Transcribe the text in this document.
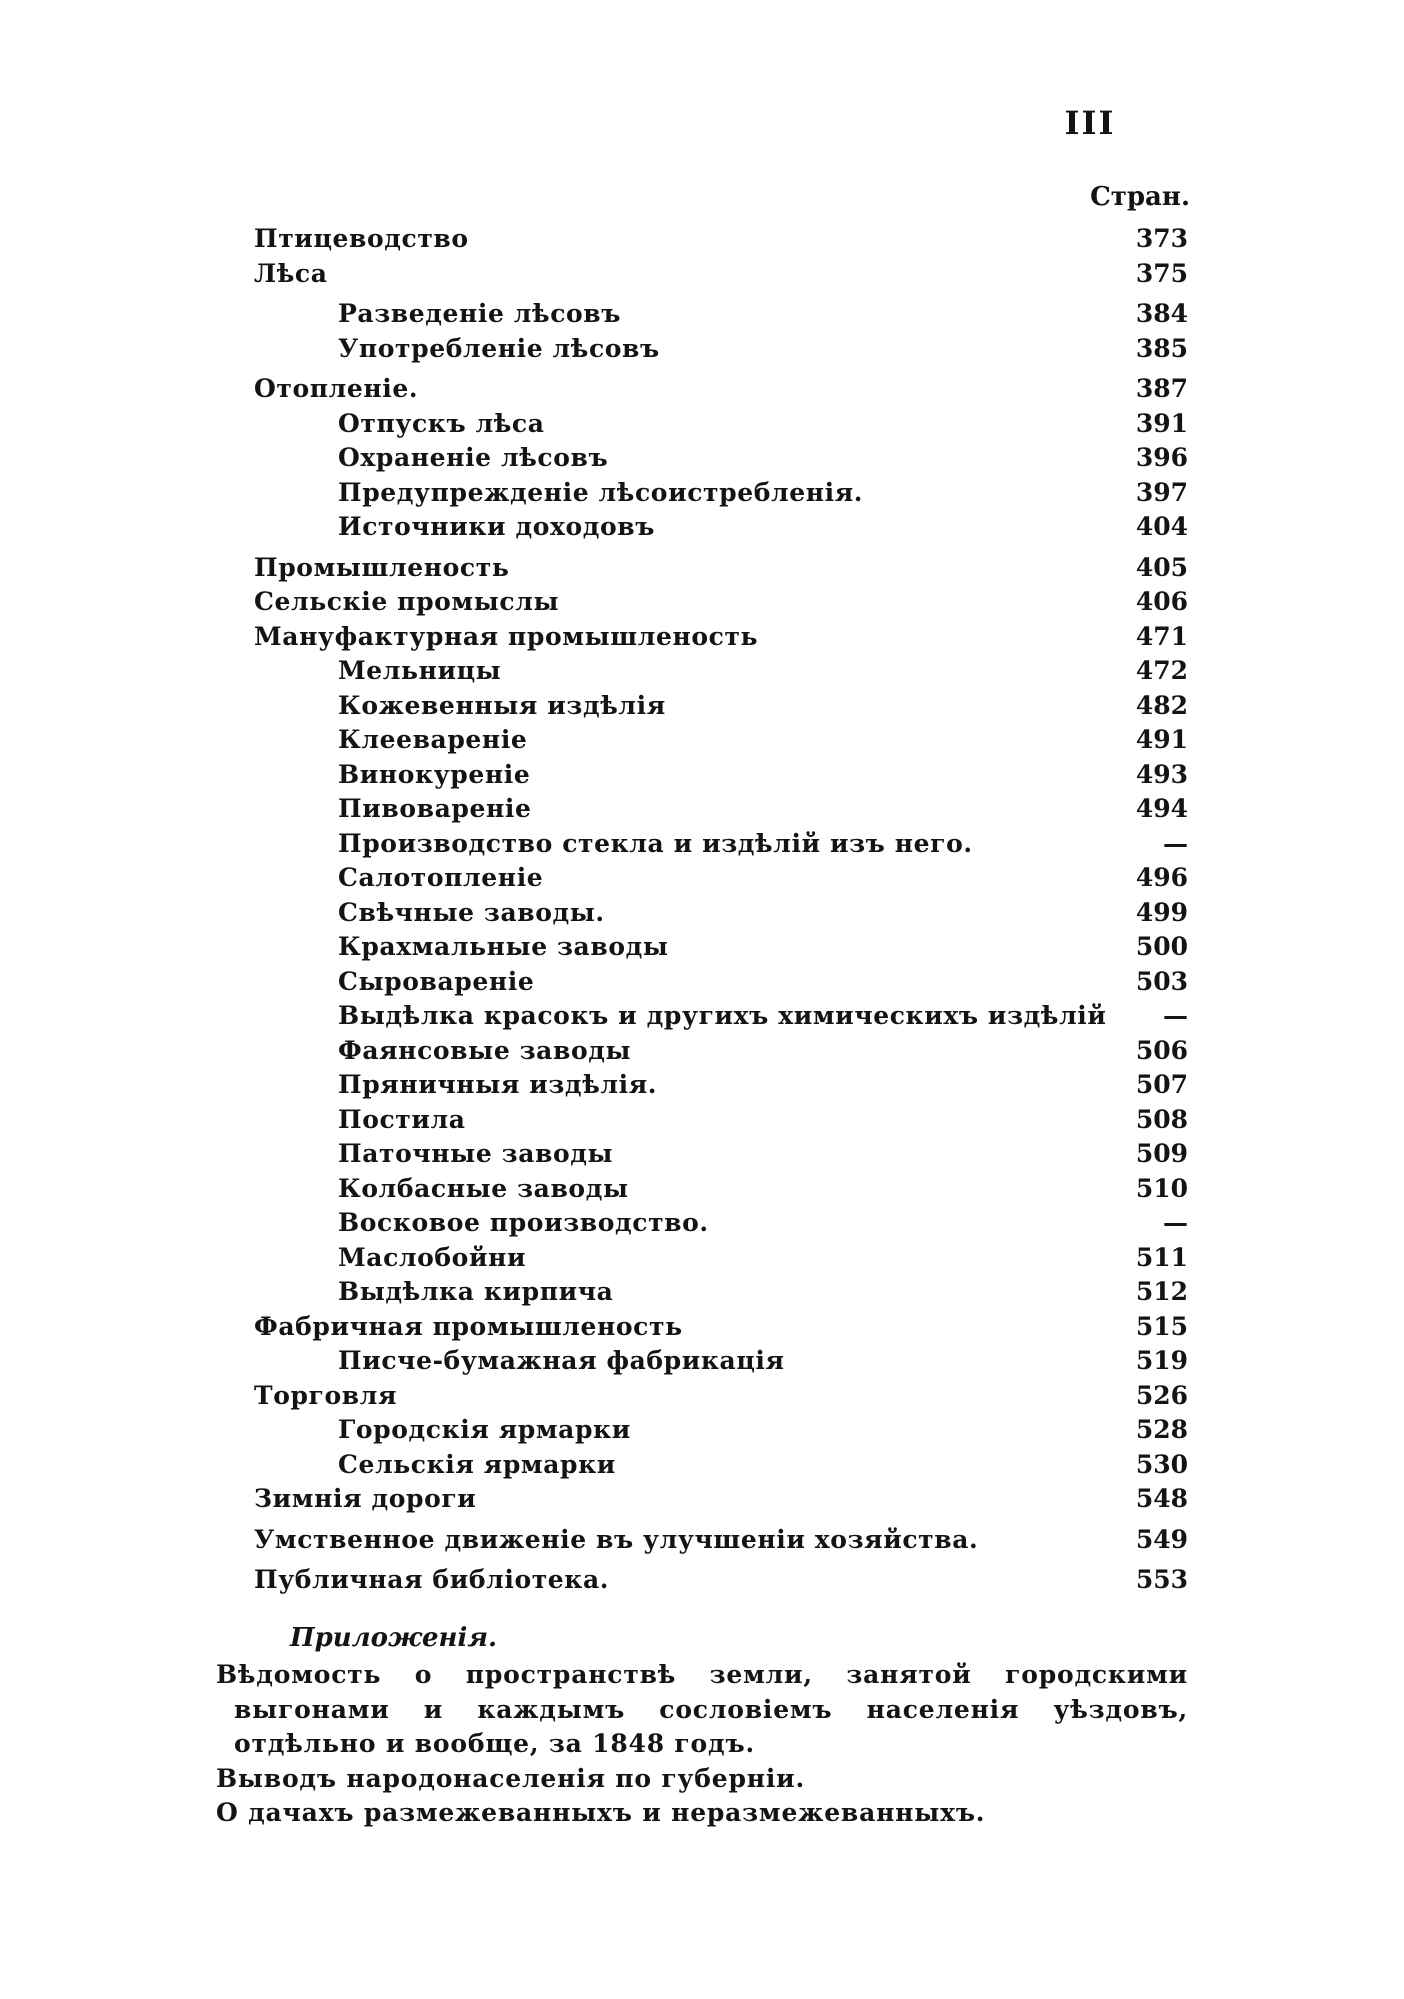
III
Стран.
Птицеводство	373
Лѣса	375
Разведеніе лѣсовъ	384
Употребленіе лѣсовъ	385
Отопленіе.	387
Отпускъ лѣса	391
Охраненіе лѣсовъ	396
Предупрежденіе лѣсоистребленія.	397
Источники доходовъ	404
Промышленость	405
Сельскіе промыслы	406
Мануфактурная промышленость	471
Мельницы	472
Кожевенныя издѣлія	482
Клееваренiе	491
Винокуреніе	493
Пивовареніе	494
Производство стекла и издѣлій изъ него.	—
Салотопленіе	496
Свѣчные заводы.	499
Крахмальные заводы	500
Сыровареніе	503
Выдѣлка красокъ и другихъ химическихъ издѣлій	—
Фаянсовые заводы	506
Пряничныя издѣлія.	507
Постила	508
Паточные заводы	509
Колбасные заводы	510
Восковое производство.	—
Маслобойни	511
Выдѣлка кирпича	512
Фабричная промышленость	515
Писче-бумажная фабрикація	519
Торговля	526
Городскія ярмарки	528
Сельскія ярмарки	530
Зимнія дороги	548
Умственное движеніе въ улучшеніи хозяйства.	549
Публичная библіотека.	553
Приложенія.
Вѣдомость о пространствѣ земли, занятой городскими выгонами и каждымъ сословіемъ населенія уѣздовъ, отдѣльно и вообще, за 1848 годъ.
Выводъ народонаселенія по губерніи.
О дачахъ размежеванныхъ и неразмежеванныхъ.
